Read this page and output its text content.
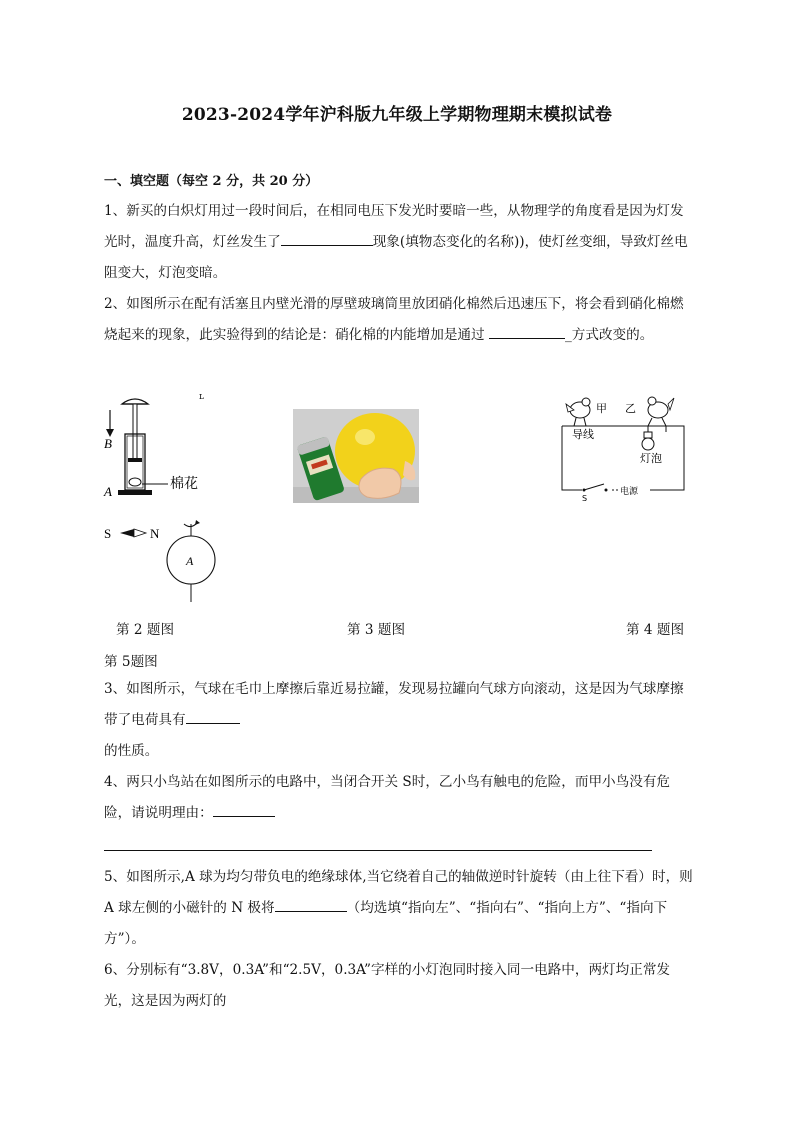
2023-2024学年沪科版九年级上学期物理期末模拟试卷
一、填空题（每空 2 分，共 20 分）
1、新买的白炽灯用过一段时间后，在相同电压下发光时要暗一些，从物理学的角度看是因为灯发光时，温度升高，灯丝发生了	现象(填物态变化的名称))，使灯丝变细，导致灯丝电阻变大，灯泡变暗。
2、如图所示在配有活塞且内壁光滑的厚壁玻璃筒里放团硝化棉然后迅速压下，将会看到硝化棉燃烧起来的现象，此实验得到的结论是：硝化棉的内能增加是通过	_方式改变的。
ʟ
B
A	棉花
甲 乙
导线
灯泡
S
电源
S	N
A
第 2 题图	第 3 题图	第 4 题图
第 5题图
3、如图所示，气球在毛巾上摩擦后靠近易拉罐，发现易拉罐向气球方向滚动，这是因为气球摩擦带了电荷具有
的性质。
4、两只小鸟站在如图所示的电路中，当闭合开关 S时，乙小鸟有触电的危险，而甲小鸟没有危险，请说明理由：
5、如图所示,A 球为均匀带负电的绝缘球体,当它绕着自己的轴做逆时针旋转（由上往下看）时，则 A 球左侧的小磁针的 N 极将	（均选填“指向左”、“指向右”、“指向上方”、“指向下方”）。
6、分别标有“3.8V，0.3A”和“2.5V，0.3A”字样的小灯泡同时接入同一电路中，两灯均正常发光，这是因为两灯的
